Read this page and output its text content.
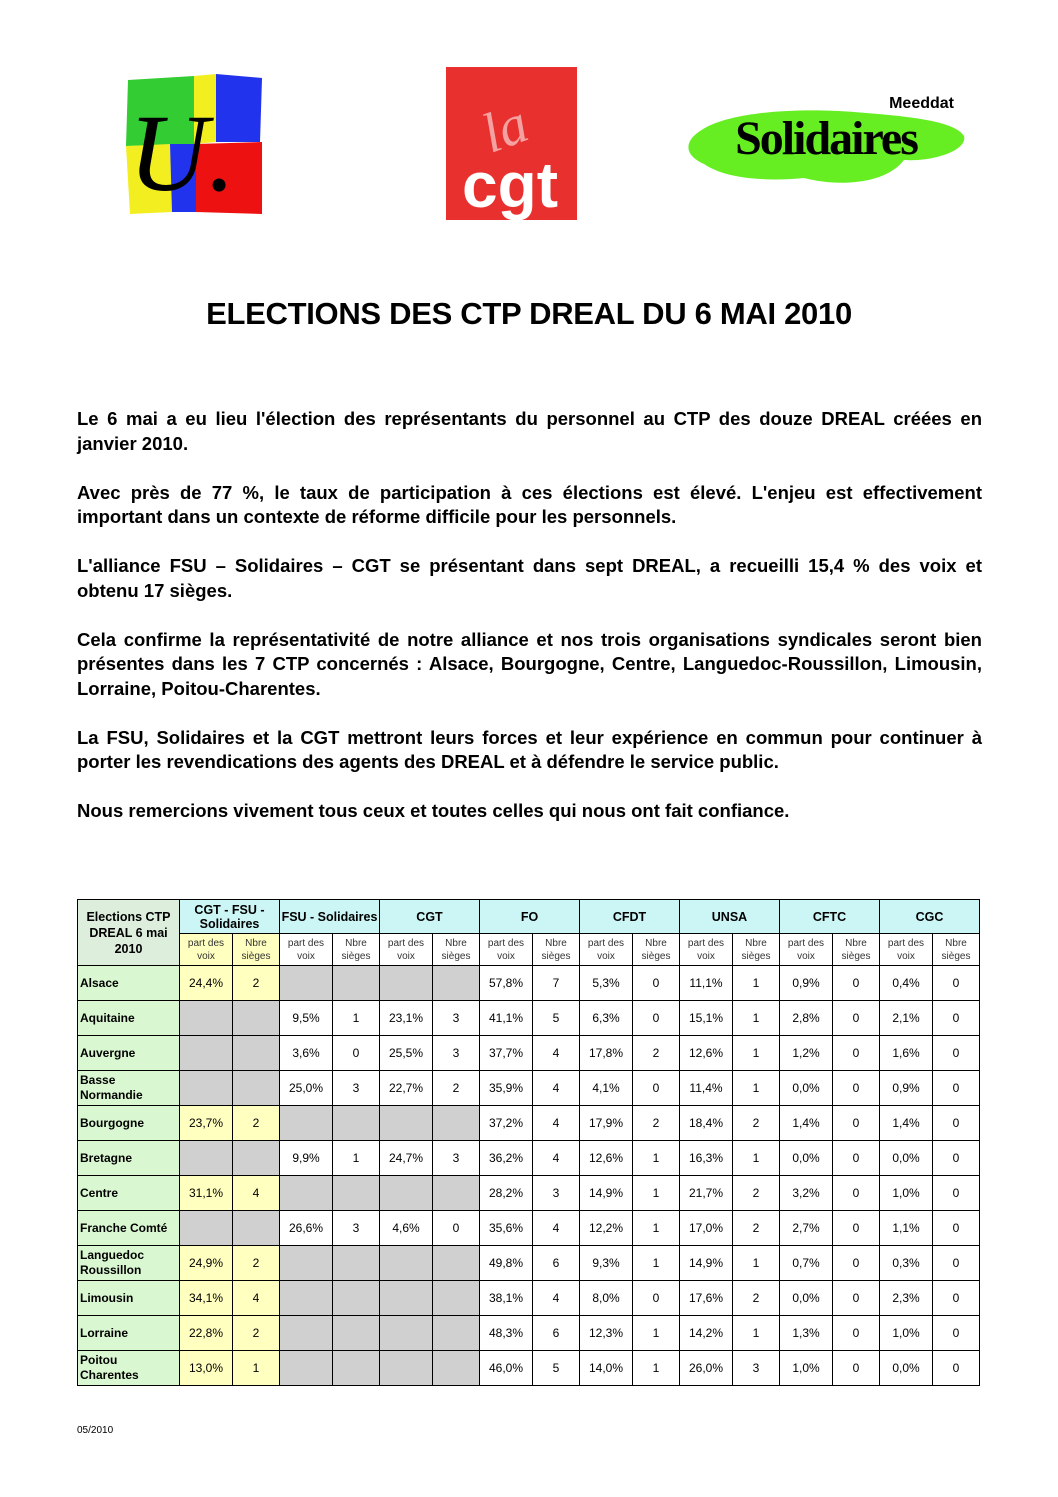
U.	la
cgt
Meeddat
Solidaires
ELECTIONS DES CTP DREAL DU 6 MAI 2010

Le 6 mai a eu lieu l'élection des représentants du personnel au CTP des douze DREAL créées en janvier 2010.

Avec près de 77 %, le taux de participation à ces élections est élevé. L'enjeu est effectivement important dans un contexte de réforme difficile pour les personnels.

L'alliance FSU – Solidaires – CGT se présentant dans sept DREAL, a recueilli 15,4 % des voix et obtenu 17 sièges.

Cela confirme la représentativité de notre alliance et nos trois organisations syndicales seront bien présentes dans les 7 CTP concernés : Alsace, Bourgogne, Centre, Languedoc-Roussillon, Limousin, Lorraine, Poitou-Charentes.

La FSU, Solidaires et la CGT mettront leurs forces et leur expérience en commun pour continuer à porter les revendications des agents des DREAL et à défendre le service public.

Nous remercions vivement tous ceux et toutes celles qui nous ont fait confiance.

Elections CTP DREAL 6 mai 2010	CGT - FSU - Solidaires		FSU - Solidaires		CGT		FO		CFDT		UNSA		CFTC		CGC	
	part des voix	Nbre sièges	part des voix	Nbre sièges	part des voix	Nbre sièges	part des voix	Nbre sièges	part des voix	Nbre sièges	part des voix	Nbre sièges	part des voix	Nbre sièges	part des voix	Nbre sièges
Alsace	24,4%	2					57,8%	7	5,3%	0	11,1%	1	0,9%	0	0,4%	0
Aquitaine			9,5%	1	23,1%	3	41,1%	5	6,3%	0	15,1%	1	2,8%	0	2,1%	0
Auvergne			3,6%	0	25,5%	3	37,7%	4	17,8%	2	12,6%	1	1,2%	0	1,6%	0
Basse Normandie			25,0%	3	22,7%	2	35,9%	4	4,1%	0	11,4%	1	0,0%	0	0,9%	0
Bourgogne	23,7%	2					37,2%	4	17,9%	2	18,4%	2	1,4%	0	1,4%	0
Bretagne			9,9%	1	24,7%	3	36,2%	4	12,6%	1	16,3%	1	0,0%	0	0,0%	0
Centre	31,1%	4					28,2%	3	14,9%	1	21,7%	2	3,2%	0	1,0%	0
Franche Comté			26,6%	3	4,6%	0	35,6%	4	12,2%	1	17,0%	2	2,7%	0	1,1%	0
Languedoc Roussillon	24,9%	2					49,8%	6	9,3%	1	14,9%	1	0,7%	0	0,3%	0
Limousin	34,1%	4					38,1%	4	8,0%	0	17,6%	2	0,0%	0	2,3%	0
Lorraine	22,8%	2					48,3%	6	12,3%	1	14,2%	1	1,3%	0	1,0%	0
Poitou Charentes	13,0%	1					46,0%	5	14,0%	1	26,0%	3	1,0%	0	0,0%	0
05/2010
